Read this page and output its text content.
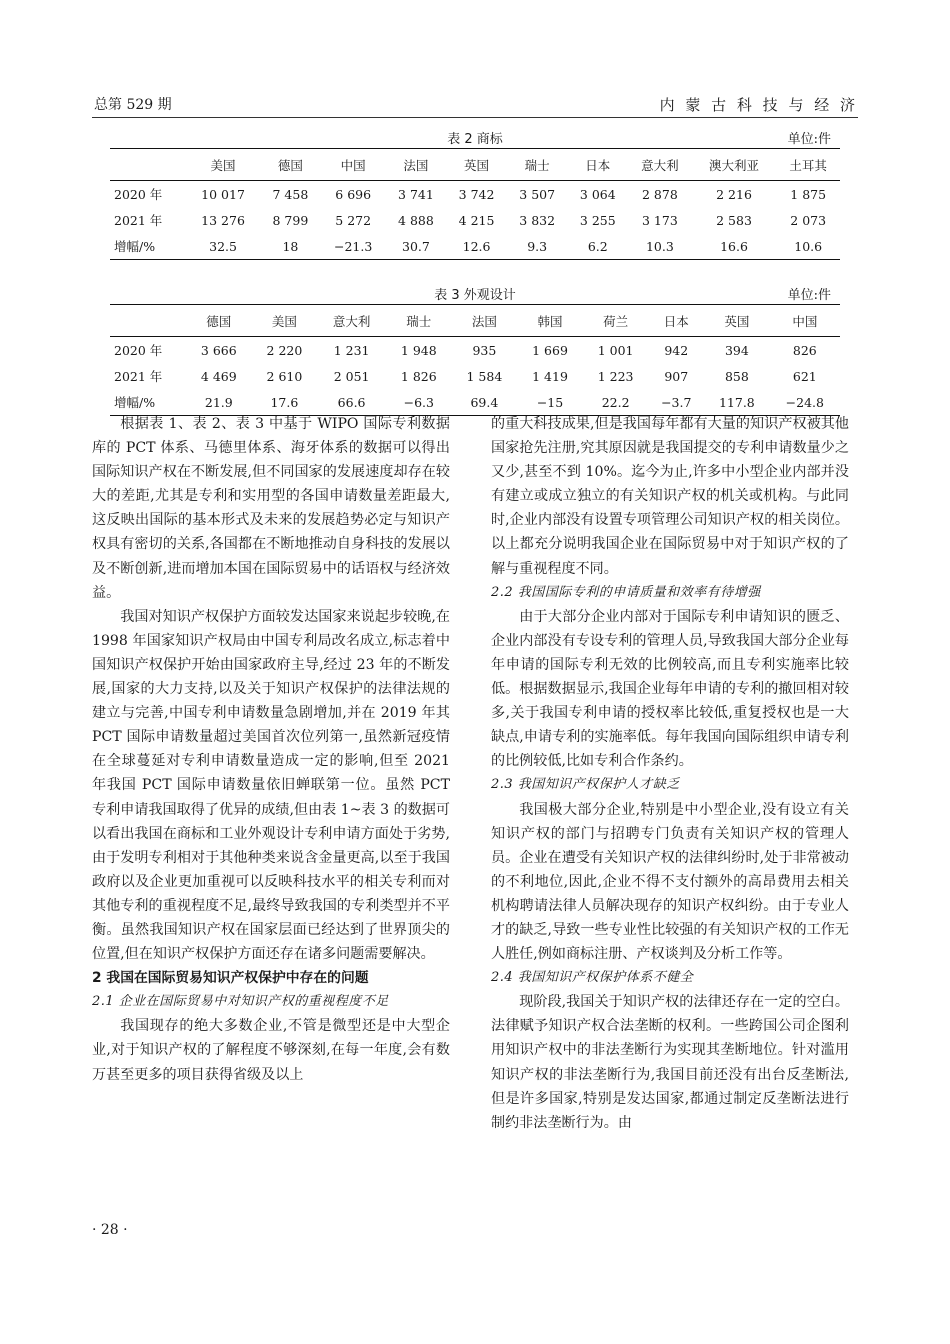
总第 529 期	内 蒙 古 科 技 与 经 济
表 2 商标	单位:件
	美国	德国	中国	法国	英国	瑞士	日本	意大利	澳大利亚	土耳其
2020 年	10 017	7 458	6 696	3 741	3 742	3 507	3 064	2 878	2 216	1 875
2021 年	13 276	8 799	5 272	4 888	4 215	3 832	3 255	3 173	2 583	2 073
增幅/%	32.5	18	−21.3	30.7	12.6	9.3	6.2	10.3	16.6	10.6
表 3 外观设计	单位:件
	德国	美国	意大利	瑞士	法国	韩国	荷兰	日本	英国	中国
2020 年	3 666	2 220	1 231	1 948	935	1 669	1 001	942	394	826
2021 年	4 469	2 610	2 051	1 826	1 584	1 419	1 223	907	858	621
增幅/%	21.9	17.6	66.6	−6.3	69.4	−15	22.2	−3.7	117.8	−24.8

根据表 1、表 2、表 3 中基于 WIPO 国际专利数据库的 PCT 体系、马德里体系、海牙体系的数据可以得出国际知识产权在不断发展,但不同国家的发展速度却存在较大的差距,尤其是专利和实用型的各国申请数量差距最大,这反映出国际的基本形式及未来的发展趋势必定与知识产权具有密切的关系,各国都在不断地推动自身科技的发展以及不断创新,进而增加本国在国际贸易中的话语权与经济效益。

我国对知识产权保护方面较发达国家来说起步较晚,在 1998 年国家知识产权局由中国专利局改名成立,标志着中国知识产权保护开始由国家政府主导,经过 23 年的不断发展,国家的大力支持,以及关于知识产权保护的法律法规的建立与完善,中国专利申请数量急剧增加,并在 2019 年其 PCT 国际申请数量超过美国首次位列第一,虽然新冠疫情在全球蔓延对专利申请数量造成一定的影响,但至 2021 年我国 PCT 国际申请数量依旧蝉联第一位。虽然 PCT 专利申请我国取得了优异的成绩,但由表 1~表 3 的数据可以看出我国在商标和工业外观设计专利申请方面处于劣势,由于发明专利相对于其他种类来说含金量更高,以至于我国政府以及企业更加重视可以反映科技水平的相关专利而对其他专利的重视程度不足,最终导致我国的专利类型并不平衡。虽然我国知识产权在国家层面已经达到了世界顶尖的位置,但在知识产权保护方面还存在诸多问题需要解决。

2 我国在国际贸易知识产权保护中存在的问题

2.1 企业在国际贸易中对知识产权的重视程度不足

我国现存的绝大多数企业,不管是微型还是中大型企业,对于知识产权的了解程度不够深刻,在每一年度,会有数万甚至更多的项目获得省级及以上

的重大科技成果,但是我国每年都有大量的知识产权被其他国家抢先注册,究其原因就是我国提交的专利申请数量少之又少,甚至不到 10%。迄今为止,许多中小型企业内部并没有建立或成立独立的有关知识产权的机关或机构。与此同时,企业内部没有设置专项管理公司知识产权的相关岗位。以上都充分说明我国企业在国际贸易中对于知识产权的了解与重视程度不同。

2.2 我国国际专利的申请质量和效率有待增强

由于大部分企业内部对于国际专利申请知识的匮乏、企业内部没有专设专利的管理人员,导致我国大部分企业每年申请的国际专利无效的比例较高,而且专利实施率比较低。根据数据显示,我国企业每年申请的专利的撤回相对较多,关于我国专利申请的授权率比较低,重复授权也是一大缺点,申请专利的实施率低。每年我国向国际组织申请专利的比例较低,比如专利合作条约。

2.3 我国知识产权保护人才缺乏

我国极大部分企业,特别是中小型企业,没有设立有关知识产权的部门与招聘专门负责有关知识产权的管理人员。企业在遭受有关知识产权的法律纠纷时,处于非常被动的不利地位,因此,企业不得不支付额外的高昂费用去相关机构聘请法律人员解决现存的知识产权纠纷。由于专业人才的缺乏,导致一些专业性比较强的有关知识产权的工作无人胜任,例如商标注册、产权谈判及分析工作等。

2.4 我国知识产权保护体系不健全

现阶段,我国关于知识产权的法律还存在一定的空白。法律赋予知识产权合法垄断的权利。一些跨国公司企图利用知识产权中的非法垄断行为实现其垄断地位。针对滥用知识产权的非法垄断行为,我国目前还没有出台反垄断法,但是许多国家,特别是发达国家,都通过制定反垄断法进行制约非法垄断行为。由

· 28 ·
